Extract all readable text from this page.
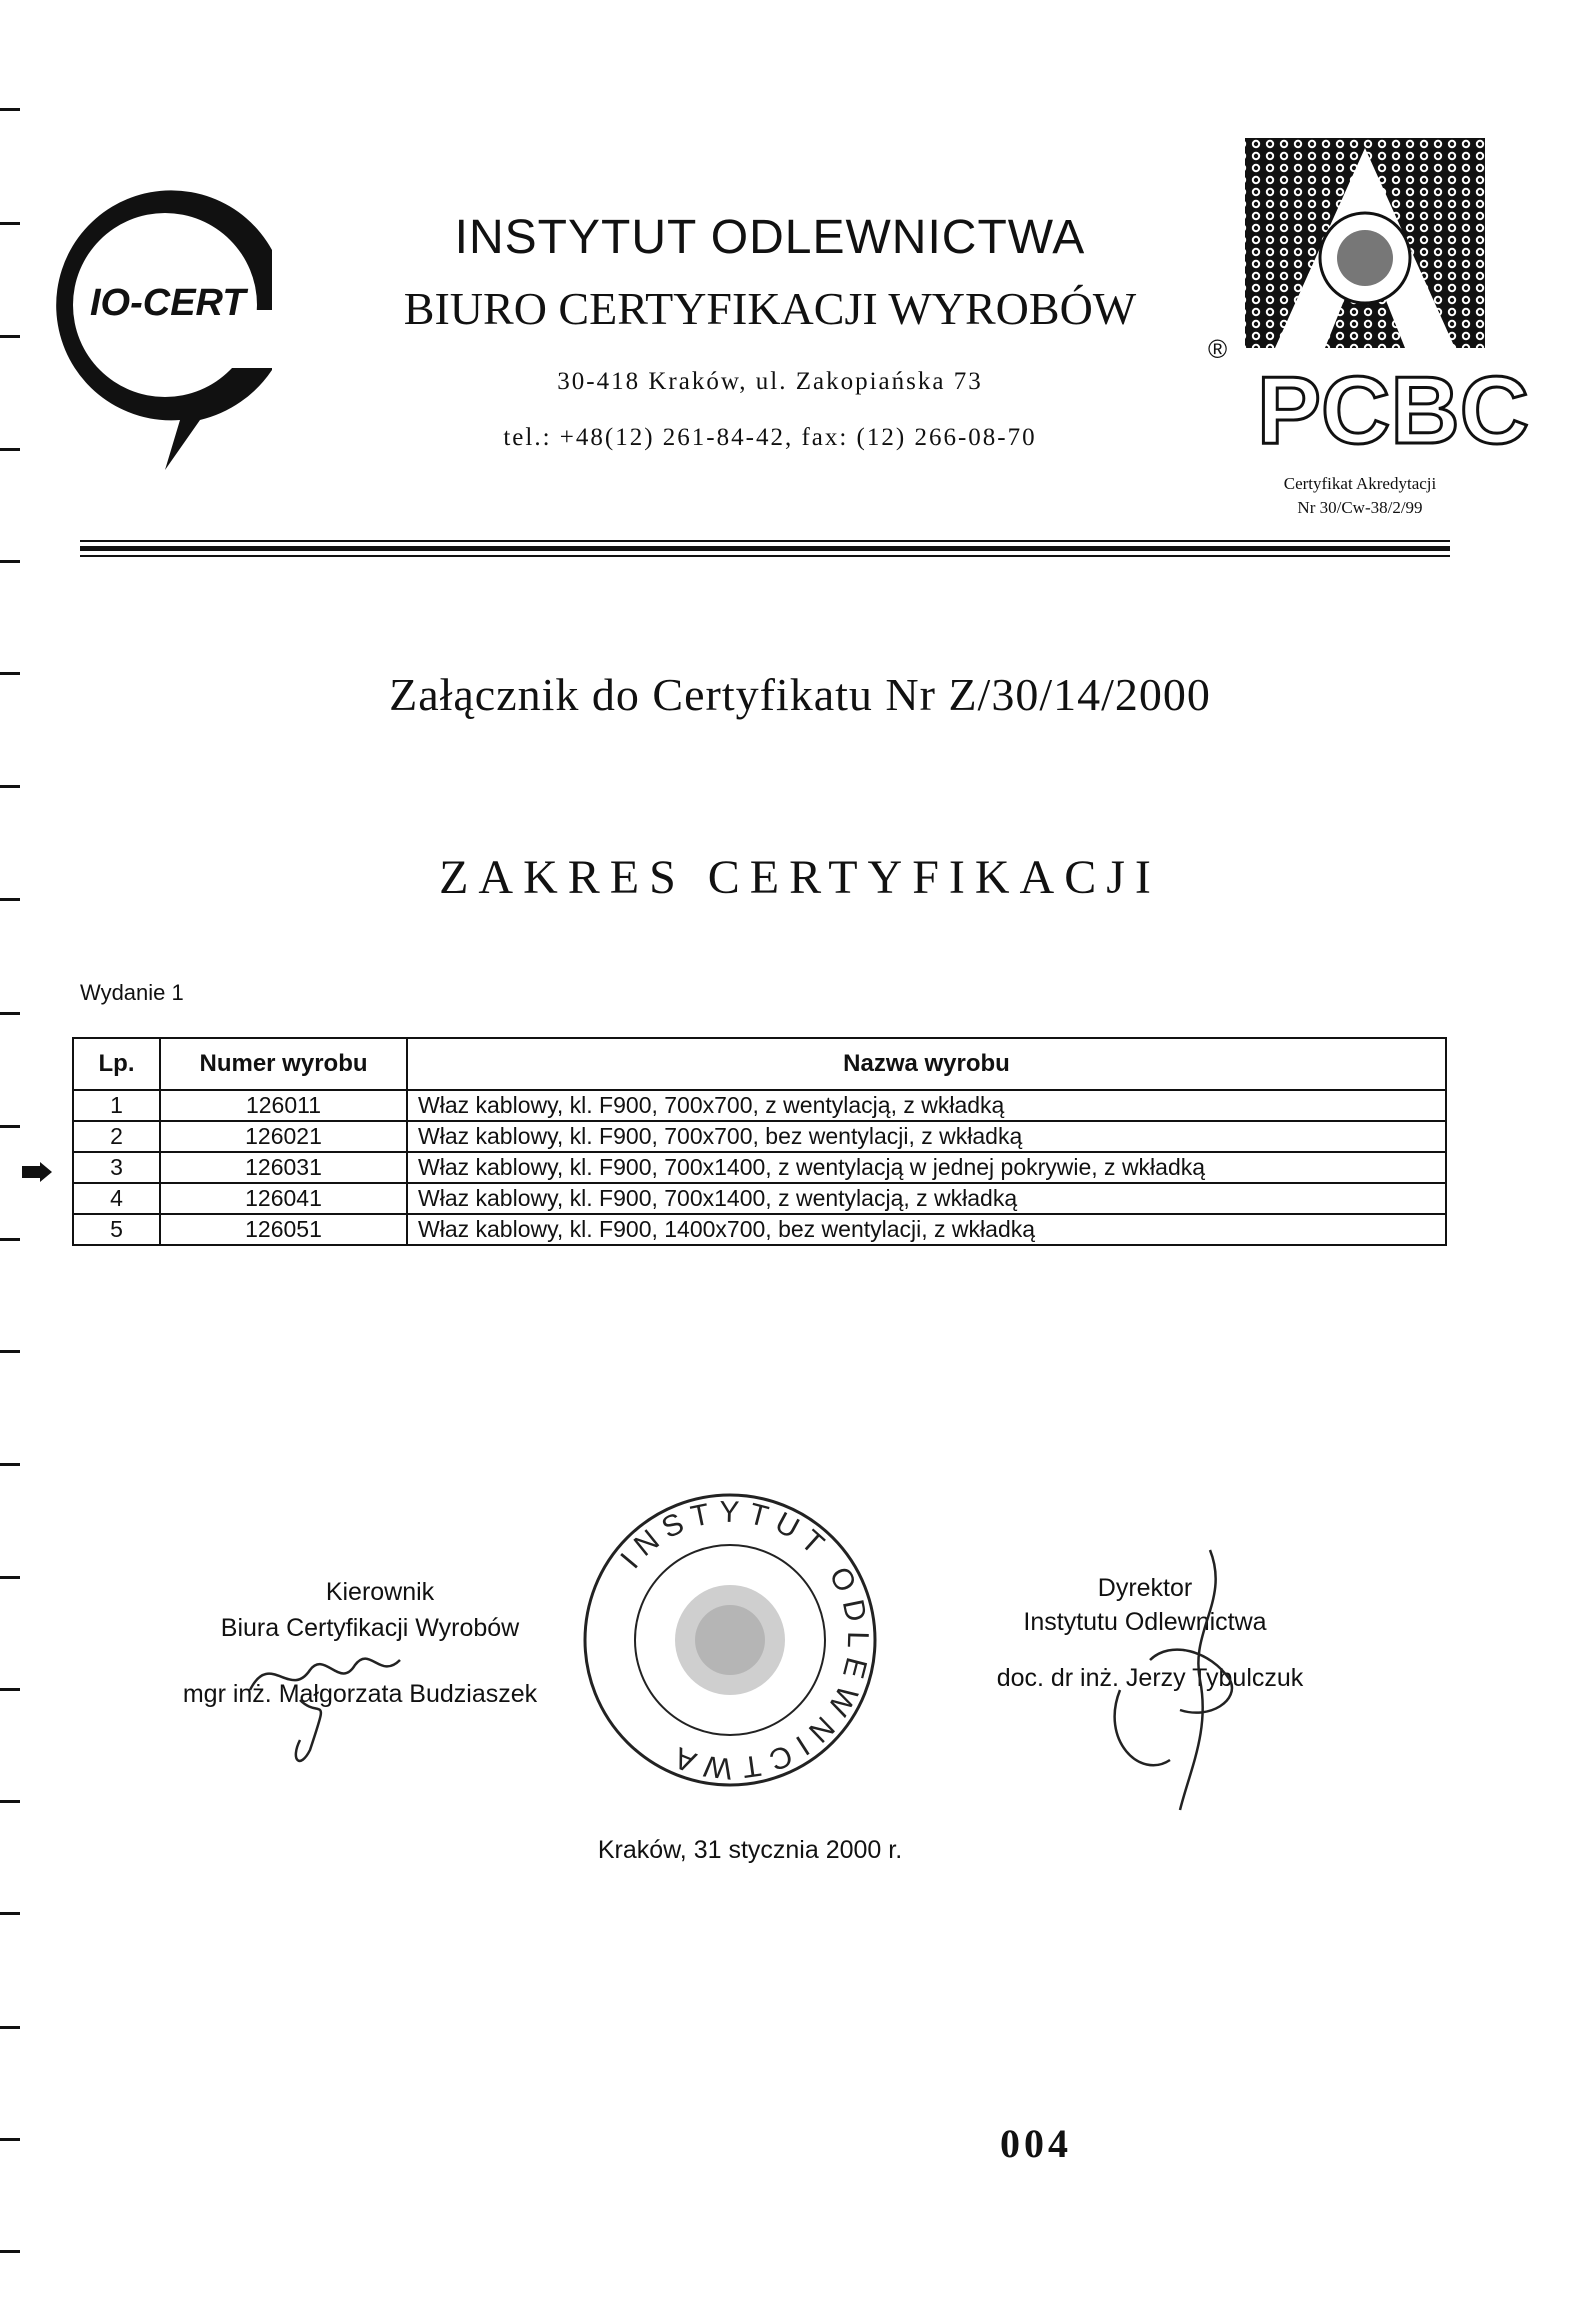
IO-CERT
INSTYTUT ODLEWNICTWA
BIURO CERTYFIKACJI WYROBÓW
30-418 Kraków, ul. Zakopiańska 73
tel.: +48(12) 261-84-42, fax: (12) 266-08-70	PCBC
®
Certyfikat Akredytacji
Nr 30/Cw-38/2/99
Załącznik do Certyfikatu Nr Z/30/14/2000
ZAKRES CERTYFIKACJI
Wydanie 1
Lp.	Numer wyrobu	Nazwa wyrobu
1	126011	Właz kablowy, kl. F900, 700x700, z wentylacją, z wkładką
2	126021	Właz kablowy, kl. F900, 700x700, bez wentylacji, z wkładką
3	126031	Właz kablowy, kl. F900, 700x1400, z wentylacją w jednej pokrywie, z wkładką
4	126041	Właz kablowy, kl. F900, 700x1400, z wentylacją, z wkładką
5	126051	Właz kablowy, kl. F900, 1400x700, bez wentylacji, z wkładką
INSTYTUT ODLEWNICTWA
Kierownik
Biura Certyfikacji Wyrobów
mgr inż. Małgorzata Budziaszek
Dyrektor
Instytutu Odlewnictwa
doc. dr inż. Jerzy Tybulczuk
Kraków, 31 stycznia 2000 r.
004
